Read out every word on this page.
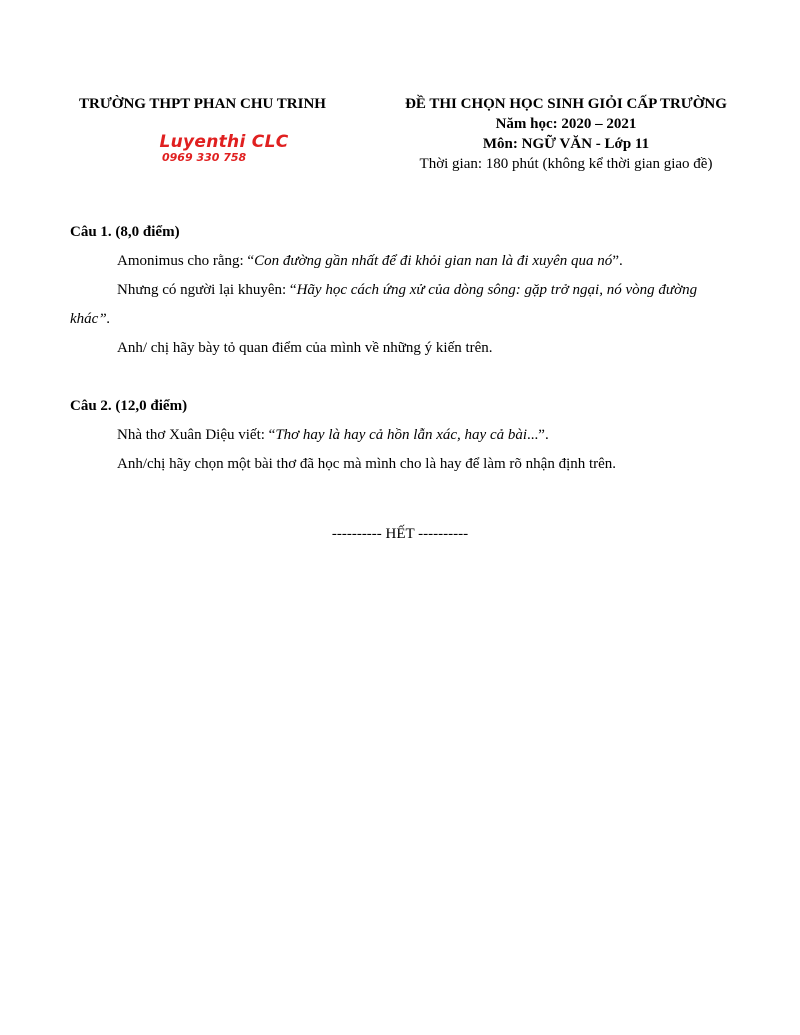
TRƯỜNG THPT PHAN CHU TRINH
Luyenthi CLC
0969 330 758
ĐỀ THI CHỌN HỌC SINH GIỎI CẤP TRƯỜNG
Năm học: 2020 – 2021
Môn: NGỮ VĂN - Lớp 11
Thời gian: 180 phút (không kể thời gian giao đề)

Câu 1. (8,0 điểm)

Amonimus cho rằng: “Con đường gần nhất để đi khỏi gian nan là đi xuyên qua nó”.

Nhưng có người lại khuyên: “Hãy học cách ứng xử của dòng sông: gặp trở ngại, nó vòng đường khác”.

Anh/ chị hãy bày tỏ quan điểm của mình về những ý kiến trên.

Câu 2. (12,0 điểm)

Nhà thơ Xuân Diệu viết: “Thơ hay là hay cả hồn lẫn xác, hay cả bài...”.

Anh/chị hãy chọn một bài thơ đã học mà mình cho là hay để làm rõ nhận định trên.

---------- HẾT ----------
